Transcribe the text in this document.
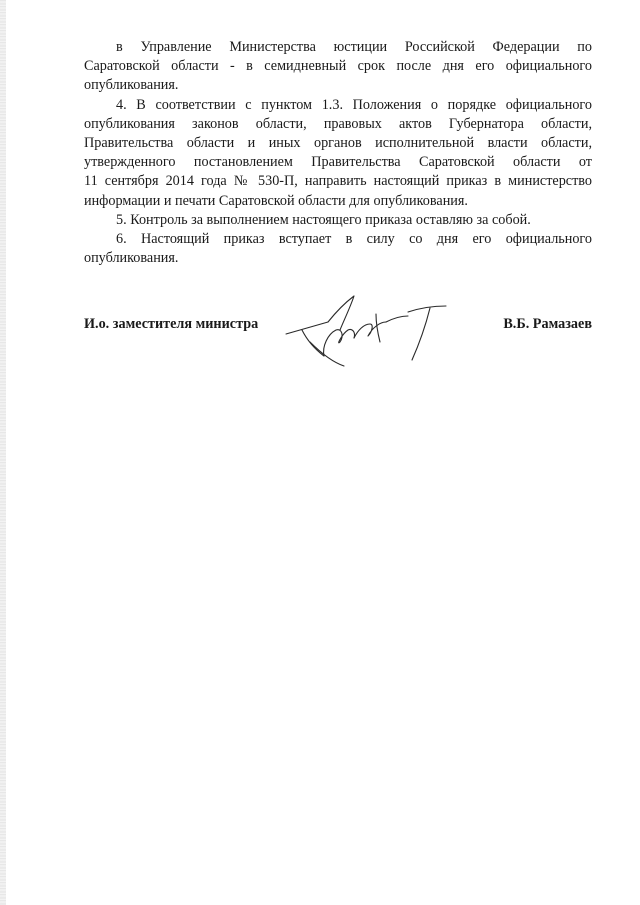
в Управление Министерства юстиции Российской Федерации по
Саратовской области - в семидневный срок после дня его официального
опубликования.
4. В соответствии с пунктом 1.3. Положения о порядке официального
опубликования законов области, правовых актов Губернатора области,
Правительства области и иных органов исполнительной власти области,
утвержденного постановлением Правительства Саратовской области от
11 сентября 2014 года № 530-П, направить настоящий приказ в министерство
информации и печати Саратовской области для опубликования.
5. Контроль за выполнением настоящего приказа оставляю за собой.
6. Настоящий приказ вступает в силу со дня его официального
опубликования.
И.о. заместителя министра	В.Б. Рамазаев
